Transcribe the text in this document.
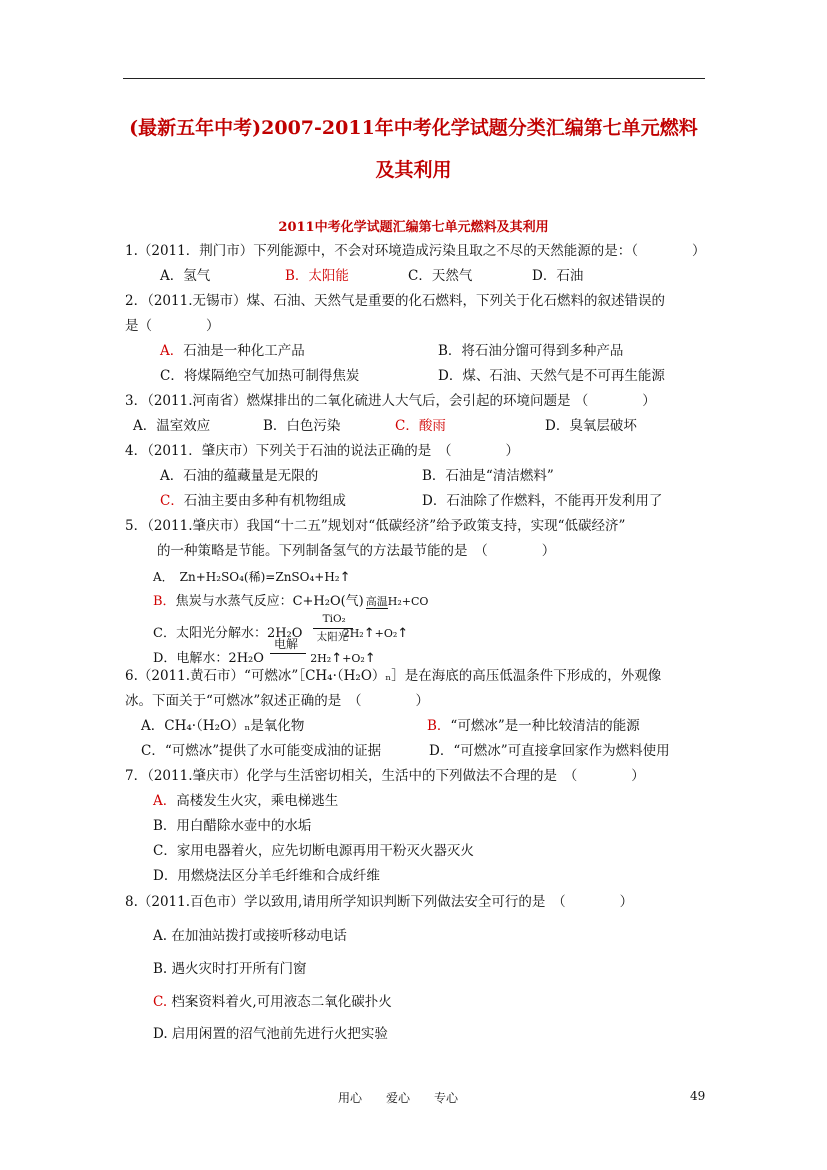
(最新五年中考)2007-2011年中考化学试题分类汇编第七单元燃料
及其利用
2011中考化学试题汇编第七单元燃料及其利用
1.（2011．荆门市）下列能源中，不会对环境造成污染且取之不尽的天然能源的是：（　　　　）
A．氢气	B．太阳能	C．天然气	D．石油
2．（2011.无锡市）煤、石油、天然气是重要的化石燃料，下列关于化石燃料的叙述错误的
是（　　　　）
A．石油是一种化工产品	B．将石油分馏可得到多种产品
C．将煤隔绝空气加热可制得焦炭	D．煤、石油、天然气是不可再生能源
3．（2011.河南省）燃煤排出的二氧化硫进人大气后，会引起的环境问题是 （　　　　）
A．温室效应	B．白色污染	C．酸雨	D．臭氧层破坏
4．（2011．肇庆市）下列关于石油的说法正确的是　（　　　　）
A．石油的蕴藏量是无限的	B．石油是“清洁燃料”
C．石油主要由多种有机物组成	D．石油除了作燃料，不能再开发利用了
5．（2011.肇庆市）我国“十二五”规划对“低碳经济”给予政策支持，实现“低碳经济”
的一种策略是节能。下列制备氢气的方法最节能的是　（　　　　）
A．　Zn+H₂SO₄(稀)=ZnSO₄+H₂↑
B．焦炭与水蒸气反应：C+H₂O(气) 高温H₂+CO
C．太阳光分解水：2H₂O
TiO₂
太阳光
2H₂↑+O₂↑
D．电解水：2H₂O
电解
2H₂↑+O₂↑
6.（2011.黄石市）“可燃冰”［CH₄·（H₂O）ₙ］是在海底的高压低温条件下形成的，外观像
冰。下面关于“可燃冰”叙述正确的是　（　　　　）
A．CH₄·（H₂O）ₙ是氧化物	B．“可燃冰”是一种比较清洁的能源
C．“可燃冰”提供了水可能变成油的证据	D．“可燃冰”可直接拿回家作为燃料使用
7．（2011.肇庆市）化学与生活密切相关，生活中的下列做法不合理的是　（　　　　）
A．高楼发生火灾，乘电梯逃生
B．用白醋除水壶中的水垢
C．家用电器着火，应先切断电源再用干粉灭火器灭火
D．用燃烧法区分羊毛纤维和合成纤维
8.（2011.百色市）学以致用,请用所学知识判断下列做法安全可行的是　（　　　　）
A. 在加油站拨打或接听移动电话
B. 遇火灾时打开所有门窗
C. 档案资料着火,可用液态二氧化碳扑火
D. 启用闲置的沼气池前先进行火把实验
用心　　爱心　　专心	49
